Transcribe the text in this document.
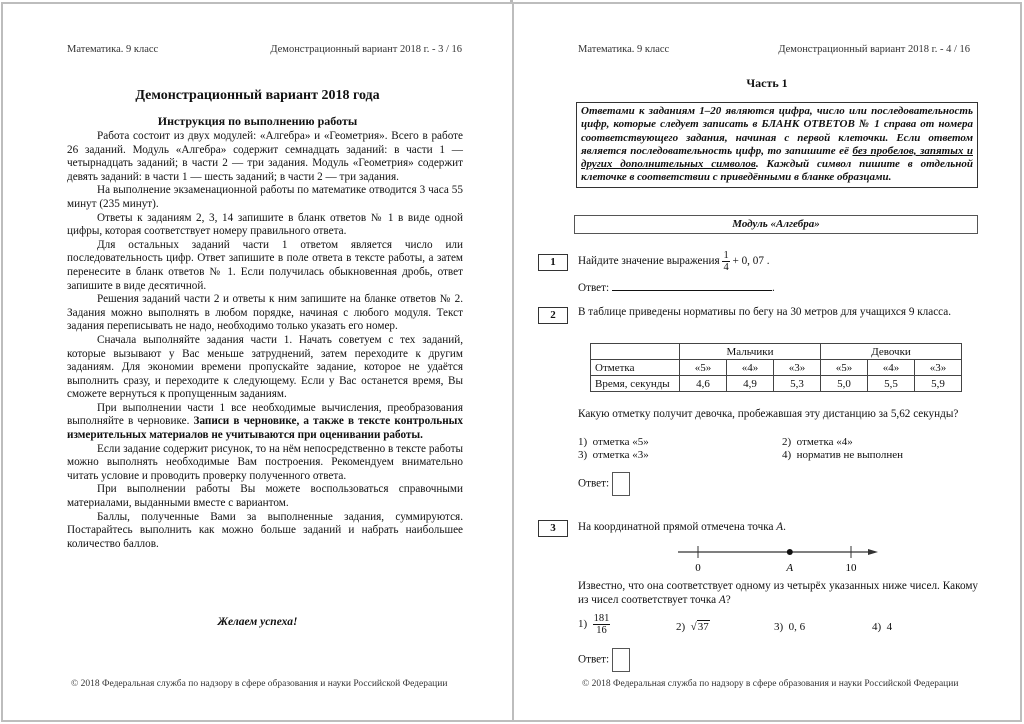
Математика. 9 класс	Демонстрационный вариант 2018 г. - 3 / 16
Демонстрационный вариант 2018 года
Инструкция по выполнению работы

Работа состоит из двух модулей: «Алгебра» и «Геометрия». Всего в работе 26 заданий. Модуль «Алгебра» содержит семнадцать заданий: в части 1 — четырнадцать заданий; в части 2 — три задания. Модуль «Геометрия» содержит девять заданий: в части 1 — шесть заданий; в части 2 — три задания.

На выполнение экзаменационной работы по математике отводится 3 часа 55 минут (235 минут).

Ответы к заданиям 2, 3, 14 запишите в бланк ответов № 1 в виде одной цифры, которая соответствует номеру правильного ответа.

Для остальных заданий части 1 ответом является число или последовательность цифр. Ответ запишите в поле ответа в тексте работы, а затем перенесите в бланк ответов № 1. Если получилась обыкновенная дробь, ответ запишите в виде десятичной.

Решения заданий части 2 и ответы к ним запишите на бланке ответов № 2. Задания можно выполнять в любом порядке, начиная с любого модуля. Текст задания переписывать не надо, необходимо только указать его номер.

Сначала выполняйте задания части 1. Начать советуем с тех заданий, которые вызывают у Вас меньше затруднений, затем переходите к другим заданиям. Для экономии времени пропускайте задание, которое не удаётся выполнить сразу, и переходите к следующему. Если у Вас останется время, Вы сможете вернуться к пропущенным заданиям.

При выполнении части 1 все необходимые вычисления, преобразования выполняйте в черновике. Записи в черновике, а также в тексте контрольных измерительных материалов не учитываются при оценивании работы.

Если задание содержит рисунок, то на нём непосредственно в тексте работы можно выполнять необходимые Вам построения. Рекомендуем внимательно читать условие и проводить проверку полученного ответа.

При выполнении работы Вы можете воспользоваться справочными материалами, выданными вместе с вариантом.

Баллы, полученные Вами за выполненные задания, суммируются. Постарайтесь выполнить как можно больше заданий и набрать наибольшее количество баллов.

Желаем успеха!
© 2018 Федеральная служба по надзору в сфере образования и науки Российской Федерации
Математика. 9 класс	Демонстрационный вариант 2018 г. - 4 / 16
Часть 1
Ответами к заданиям 1–20 являются цифра, число или последовательность цифр, которые следует записать в БЛАНК ОТВЕТОВ № 1 справа от номера соответствующего задания, начиная с первой клеточки. Если ответом является последовательность цифр, то запишите её без пробелов, запятых и других дополнительных символов. Каждый символ пишите в отдельной клеточке в соответствии с приведёнными в бланке образцами.
Модуль «Алгебра»
1	Найдите значение выражения $\frac{1}{4} + 0$, 07 .
Ответ:	.
2	В таблице приведены нормативы по бегу на 30 метров для учащихся 9 класса.
	Мальчики			Девочки		
Отметка	«5»	«4»	«3»	«5»	«4»	«3»
Время, секунды	4,6	4,9	5,3	5,0	5,5	5,9
Какую отметку получит девочка, пробежавшая эту дистанцию за 5,62 секунды?
1) отметка «5»	2) отметка «4»
3) отметка «3»	4) норматив не выполнен
Ответ:
3	На координатной прямой отмечена точка A.
0	10
A
Известно, что она соответствует одному из четырёх указанных ниже чисел. Какому из чисел соответствует точка A?
$1) \frac{181}{16}$	2) √37	3) 0, 6	4) 4
Ответ:
© 2018 Федеральная служба по надзору в сфере образования и науки Российской Федерации
